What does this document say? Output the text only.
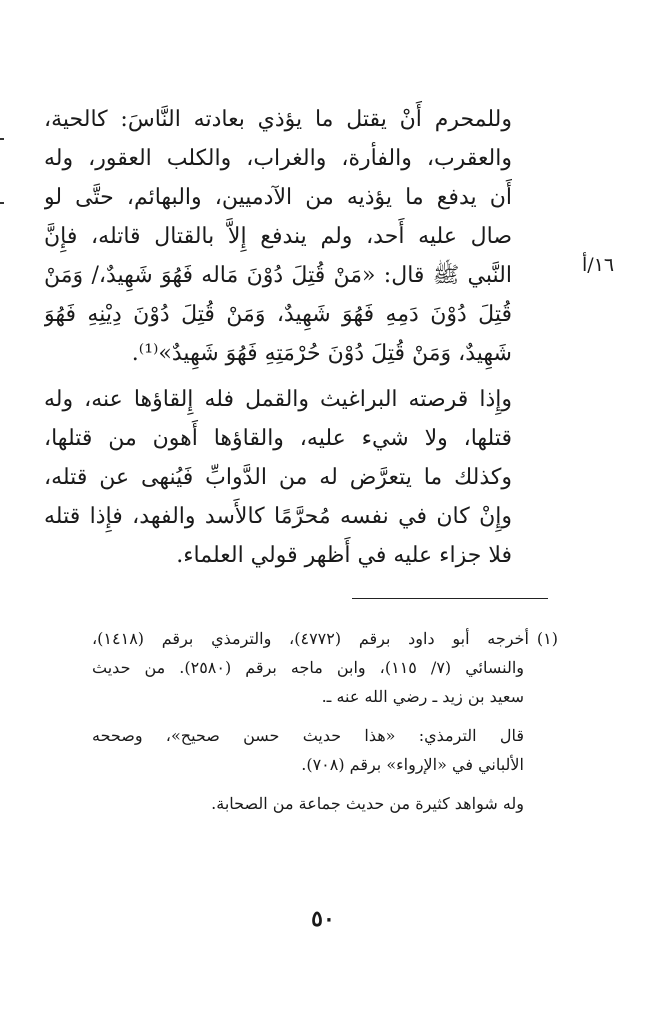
وللمحرم أَنْ يقتل ما يؤذي بعادته النَّاسَ: كالحية،
والعقرب، والفأرة، والغراب، والكلب العقور، وله
أَن يدفع ما يؤذيه من الآدميين، والبهائم، حتَّى لو
صال عليه أَحد، ولم يندفع إِلاَّ بالقتال قاتله، فإِنَّ
النَّبي ﷺ قال: «مَنْ قُتِلَ دُوْنَ مَاله فَهُوَ شَهِيدٌ،/ وَمَنْ
قُتِلَ دُوْنَ دَمِهِ فَهُوَ شَهِيدٌ، وَمَنْ قُتِلَ دُوْنَ دِيْنِهِ فَهُوَ
شَهِيدٌ، وَمَنْ قُتِلَ دُوْنَ حُرْمَتِهِ فَهُوَ شَهِيدٌ»⁽¹⁾.
١٦/أ
وإِذا قرصته البراغيث والقمل فله إِلقاؤها عنه، وله
قتلها، ولا شيء عليه، والقاؤها أَهون من قتلها،
وكذلك ما يتعرَّض له من الدَّوابِّ فَيُنهى عن قتله،
وإِنْ كان في نفسه مُحرَّمًا كالأَسد والفهد، فإِذا قتله
فلا جزاء عليه في أَظهر قولي العلماء.
(١)أخرجه أبو داود برقم (٤٧٧٢)، والترمذي برقم (١٤١٨)،
والنسائي (٧/ ١١٥)، وابن ماجه برقم (٢٥٨٠). من حديث
سعيد بن زيد ـ رضي الله عنه ـ.
قال الترمذي: «هذا حديث حسن صحيح»، وصححه
الألباني في «الإرواء» برقم (٧٠٨).
وله شواهد كثيرة من حديث جماعة من الصحابة.
٥٠
